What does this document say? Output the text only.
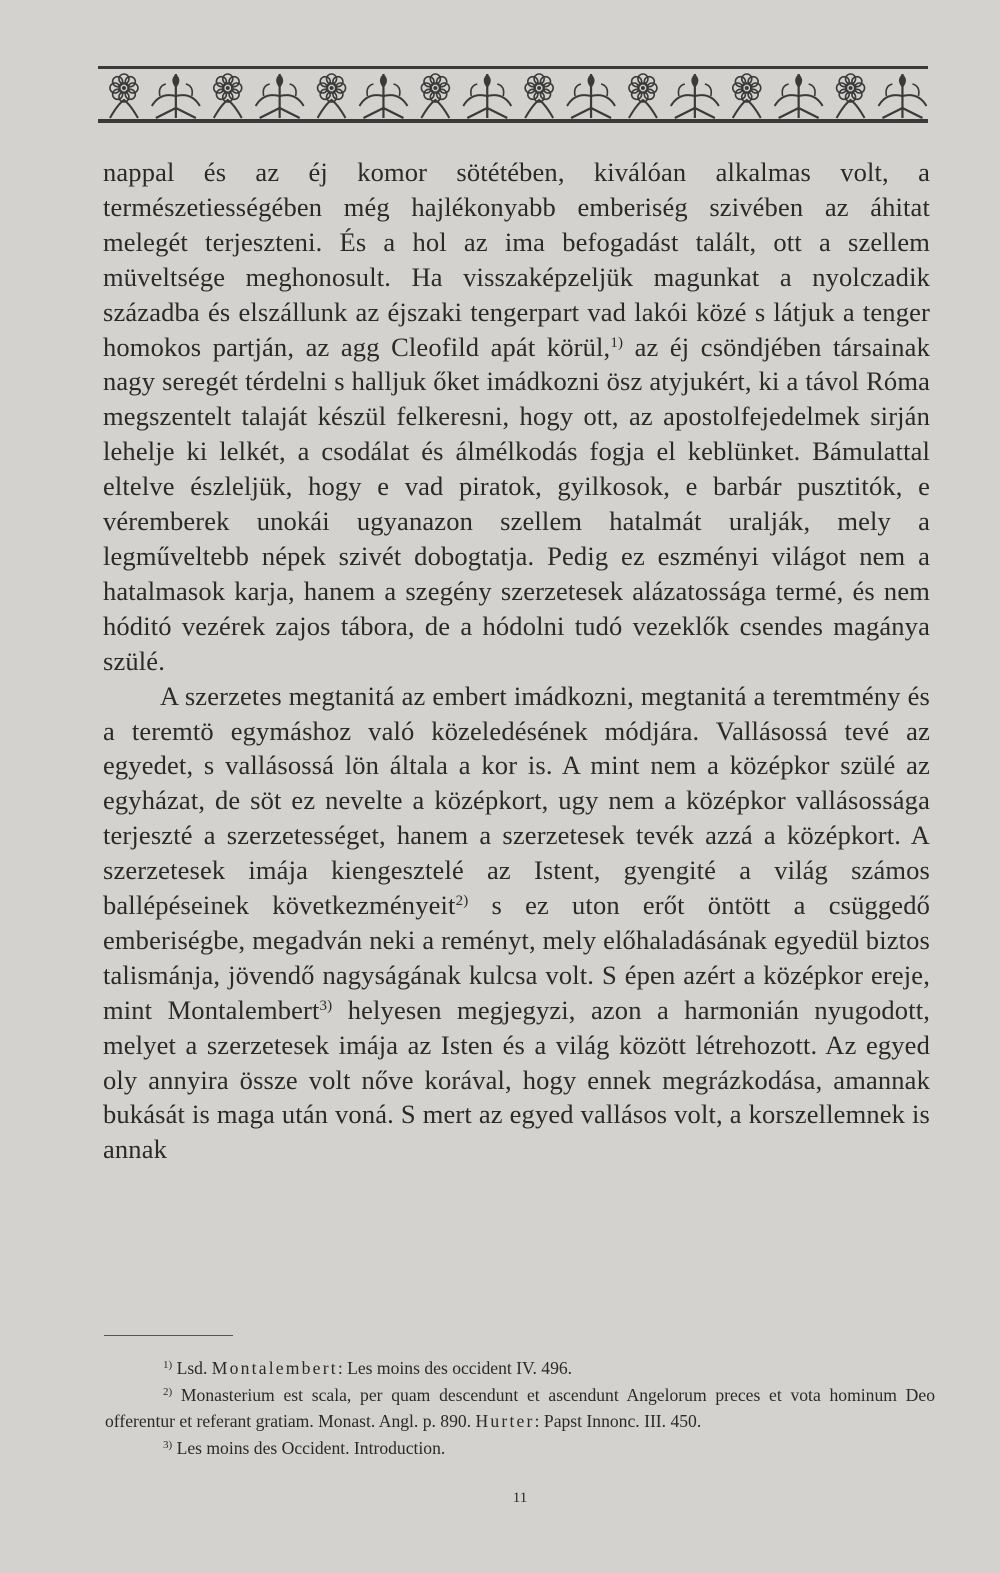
nappal és az éj komor sötétében, kiválóan alkalmas volt, a természetiességében még hajlékonyabb emberiség szivében az áhitat melegét terjeszteni. És a hol az ima befogadást talált, ott a szellem müveltsége meghonosult. Ha visszaképzeljük magunkat a nyolczadik századba és elszállunk az éjszaki tengerpart vad lakói közé s látjuk a tenger homokos partján, az agg Cleofild apát körül,$^{1)}$ az éj csöndjében társainak nagy seregét térdelni s halljuk őket imádkozni ösz atyjukért, ki a távol Róma megszentelt talaját készül felkeresni, hogy ott, az apostolfejedelmek sirján lehelje ki lelkét, a csodálat és álmélkodás fogja el keblünket. Bámulattal eltelve észleljük, hogy e vad piratok, gyilkosok, e barbár pusztitók, e véremberek unokái ugyanazon szellem hatalmát uralják, mely a legműveltebb népek szivét dobogtatja. Pedig ez eszményi világot nem a hatalmasok karja, hanem a szegény szerzetesek alázatossága termé, és nem hóditó vezérek zajos tábora, de a hódolni tudó vezeklők csendes magánya szülé.

A szerzetes megtanitá az embert imádkozni, megtanitá a teremtmény és a teremtö egymáshoz való közeledésének módjára. Vallásossá tevé az egyedet, s vallásossá lön általa a kor is. A mint nem a középkor szülé az egyházat, de söt ez nevelte a középkort, ugy nem a középkor vallásossága terjeszté a szerzetességet, hanem a szerzetesek tevék azzá a középkort. A szerzetesek imája kiengesztelé az Istent, gyengité a világ számos ballépéseinek következményeit$^{2)}$ s ez uton erőt öntött a csüggedő emberiségbe, megadván neki a reményt, mely előhaladásának egyedül biztos talismánja, jövendő nagyságának kulcsa volt. S épen azért a középkor ereje, mint Montalembert$^{3)}$ helyesen megjegyzi, azon a harmonián nyugodott, melyet a szerzetesek imája az Isten és a világ között létrehozott. Az egyed oly annyira össze volt nőve korával, hogy ennek megrázkodása, amannak bukását is maga után voná. S mert az egyed vallásos volt, a korszellemnek is annak

$^{1)}$ Lsd. Montalembert: Les moins des occident IV. 496.

$^{2)}$ Monasterium est scala, per quam descendunt et ascendunt Angelorum preces et vota hominum Deo offerentur et referant gratiam. Monast. Angl. p. 890. Hurter: Papst Innonc. III. 450.

$^{3)}$ Les moins des Occident. Introduction.

11
